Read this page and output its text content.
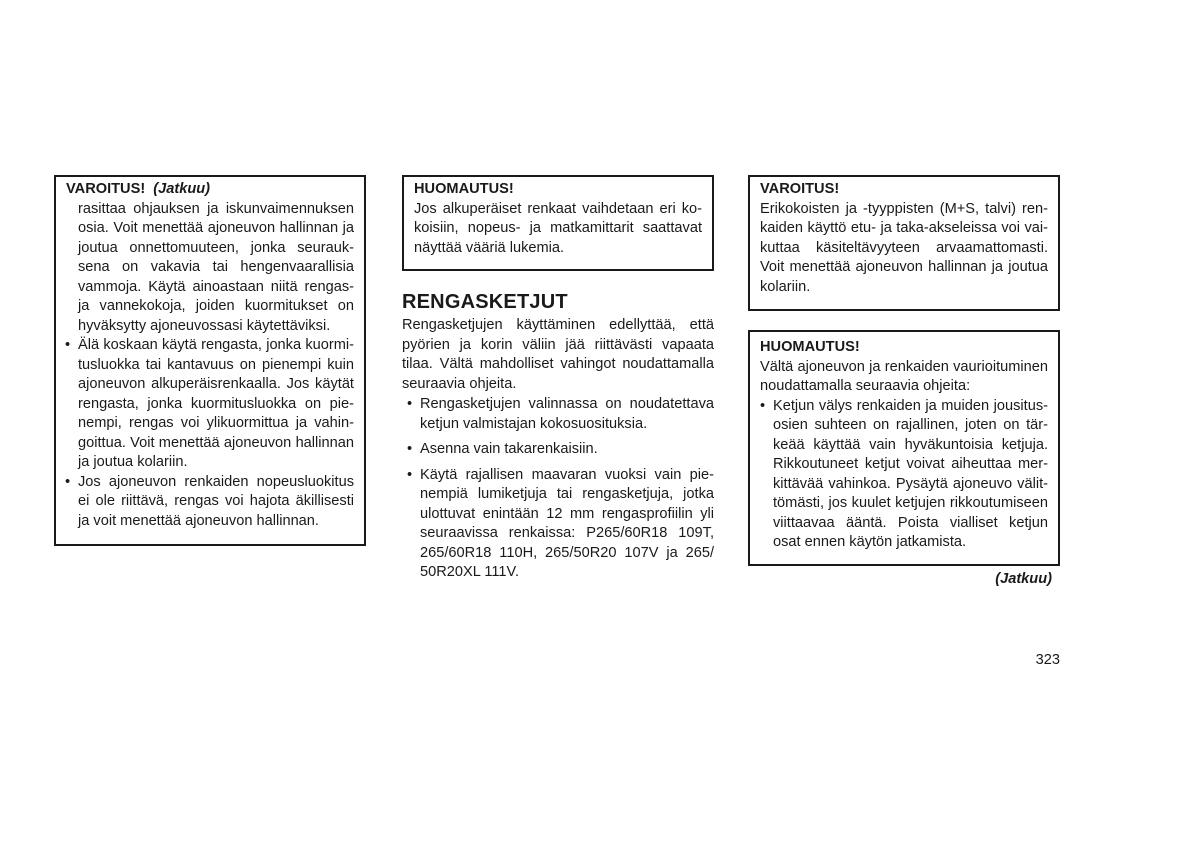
VAROITUS! (Jatkuu)
rasittaa ohjauksen ja iskunvaimennuksen
osia. Voit menettää ajoneuvon hallinnan ja
joutua onnettomuuteen, jonka seurauk-
sena on vakavia tai hengenvaarallisia
vammoja. Käytä ainoastaan niitä rengas-
ja vannekokoja, joiden kuormitukset on
hyväksytty ajoneuvossasi käytettäviksi.
• Älä koskaan käytä rengasta, jonka kuormi-
tusluokka tai kantavuus on pienempi kuin
ajoneuvon alkuperäisrenkaalla. Jos käytät
rengasta, jonka kuormitusluokka on pie-
nempi, rengas voi ylikuormittua ja vahin-
goittua. Voit menettää ajoneuvon hallinnan
ja joutua kolariin.
• Jos ajoneuvon renkaiden nopeusluokitus
ei ole riittävä, rengas voi hajota äkillisesti
ja voit menettää ajoneuvon hallinnan.
HUOMAUTUS!
Jos alkuperäiset renkaat vaihdetaan eri ko-
koisiin, nopeus- ja matkamittarit saattavat
näyttää vääriä lukemia.
RENGASKETJUT
Rengasketjujen käyttäminen edellyttää, että
pyörien ja korin väliin jää riittävästi vapaata
tilaa. Vältä mahdolliset vahingot noudattamalla
seuraavia ohjeita.
• Rengasketjujen valinnassa on noudatettava
ketjun valmistajan kokosuosituksia.
• Asenna vain takarenkaisiin.
• Käytä rajallisen maavaran vuoksi vain pie-
nempiä lumiketjuja tai rengasketjuja, jotka
ulottuvat enintään 12 mm rengasprofiilin yli
seuraavissa renkaissa: P265/60R18 109T,
265/60R18 110H, 265/50R20 107V ja 265/
50R20XL 111V.
VAROITUS!
Erikokoisten ja -tyyppisten (M+S, talvi) ren-
kaiden käyttö etu- ja taka-akseleissa voi vai-
kuttaa käsiteltävyyteen arvaamattomasti.
Voit menettää ajoneuvon hallinnan ja joutua
kolariin.
HUOMAUTUS!
Vältä ajoneuvon ja renkaiden vaurioituminen
noudattamalla seuraavia ohjeita:
• Ketjun välys renkaiden ja muiden jousitus-
osien suhteen on rajallinen, joten on tär-
keää käyttää vain hyväkuntoisia ketjuja.
Rikkoutuneet ketjut voivat aiheuttaa mer-
kittävää vahinkoa. Pysäytä ajoneuvo välit-
tömästi, jos kuulet ketjujen rikkoutumiseen
viittaavaa ääntä. Poista vialliset ketjun
osat ennen käytön jatkamista.
(Jatkuu)
323
